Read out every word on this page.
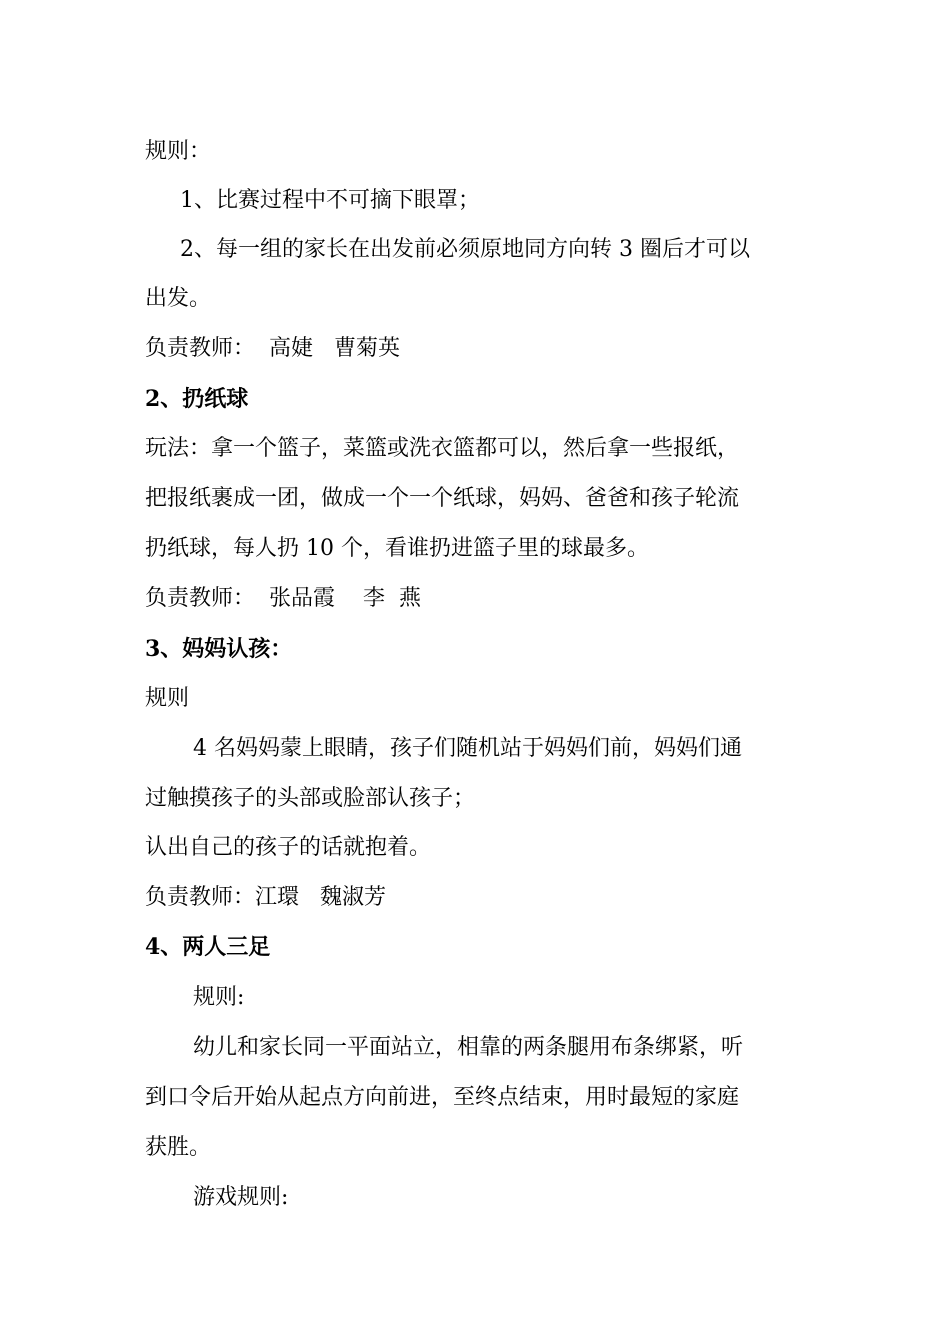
规则：
1、比赛过程中不可摘下眼罩；
2、每一组的家长在出发前必须原地同方向转 3 圈后才可以
出发。
负责教师：  高婕   曹菊英
2、扔纸球
玩法：拿一个篮子，菜篮或洗衣篮都可以，然后拿一些报纸，
把报纸裹成一团，做成一个一个纸球，妈妈、爸爸和孩子轮流
扔纸球，每人扔 10 个，看谁扔进篮子里的球最多。
负责教师：  张品霞    李  燕
3、妈妈认孩：
规则
4 名妈妈蒙上眼睛，孩子们随机站于妈妈们前，妈妈们通
过触摸孩子的头部或脸部认孩子；
认出自己的孩子的话就抱着。
负责教师：江環   魏淑芳
4、两人三足
规则:
幼儿和家长同一平面站立，相靠的两条腿用布条绑紧，听
到口令后开始从起点方向前进，至终点结束，用时最短的家庭
获胜。
游戏规则:
